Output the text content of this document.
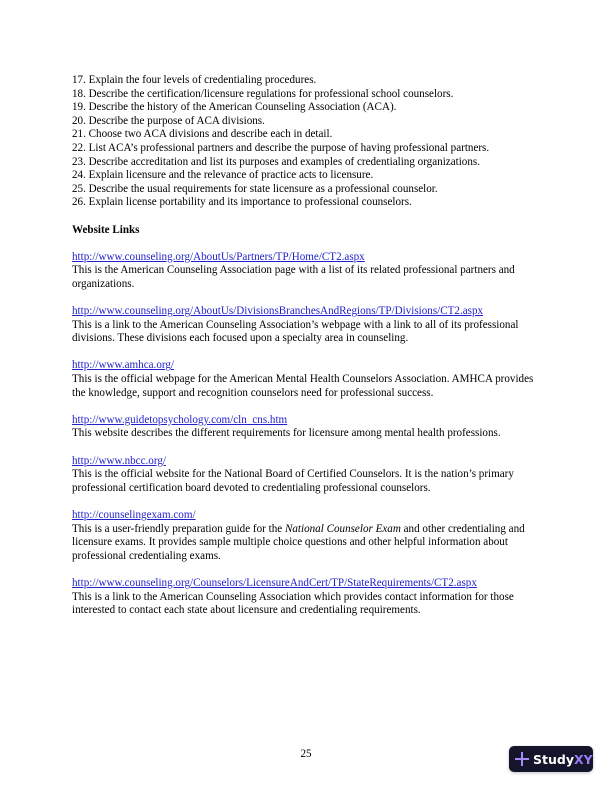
17. Explain the four levels of credentialing procedures.
18. Describe the certification/licensure regulations for professional school counselors.
19. Describe the history of the American Counseling Association (ACA).
20. Describe the purpose of ACA divisions.
21. Choose two ACA divisions and describe each in detail.
22. List ACA’s professional partners and describe the purpose of having professional partners.
23. Describe accreditation and list its purposes and examples of credentialing organizations.
24. Explain licensure and the relevance of practice acts to licensure.
25. Describe the usual requirements for state licensure as a professional counselor.
26. Explain license portability and its importance to professional counselors.
Website Links
http://www.counseling.org/AboutUs/Partners/TP/Home/CT2.aspx
This is the American Counseling Association page with a list of its related professional partners and organizations.
http://www.counseling.org/AboutUs/DivisionsBranchesAndRegions/TP/Divisions/CT2.aspx
This is a link to the American Counseling Association’s webpage with a link to all of its professional divisions. These divisions each focused upon a specialty area in counseling.
http://www.amhca.org/
This is the official webpage for the American Mental Health Counselors Association. AMHCA provides the knowledge, support and recognition counselors need for professional success.
http://www.guidetopsychology.com/cln_cns.htm
This website describes the different requirements for licensure among mental health professions.
http://www.nbcc.org/
This is the official website for the National Board of Certified Counselors. It is the nation’s primary professional certification board devoted to credentialing professional counselors.
http://counselingexam.com/
This is a user-friendly preparation guide for the National Counselor Exam and other credentialing and licensure exams. It provides sample multiple choice questions and other helpful information about professional credentialing exams.
http://www.counseling.org/Counselors/LicensureAndCert/TP/StateRequirements/CT2.aspx
This is a link to the American Counseling Association which provides contact information for those interested to contact each state about licensure and credentialing requirements.
25	StudyXY
